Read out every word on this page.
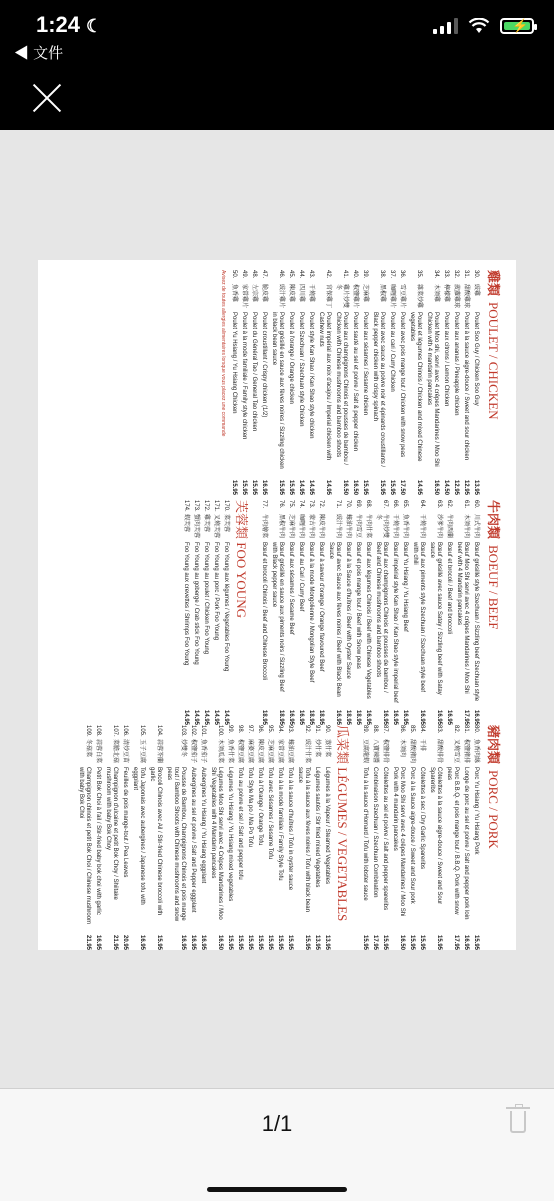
1:24 ☾
◀ 文件
⚡
雞類POULET / CHICKEN
30.
豉雞
Poulet Soo Guy / Chicken Soo Guy
13.95
31.
甜酸雞球
Poulet à la sauce aigre-douce / Sweet and sour chicken
12.95
32.
菠蘿雞球
Poulet aux ananas / Pineapple chicken
12.95
33.
檸檬雞
Poulet aux citrons / Lemon Chicken
14.50
34.
木須雞
Poulet Moo shi, servi avec 4 crêpes Mandarines / Moo Shi Chicken with 4 mandarin pancakes
16.50
35.
雜菜炒雞
Poulet et légumes Chinois / Chicken and mixed Chinese vegetables
14.95
36.
雪豆雞片
Poulet avec pois mange tout / Chicken with snow peas
17.50
37.
咖喱雞片
Poulet au cari / Curry Chicken
15.95
38.
黑椒雞
Poulet avec sauce au poivre noir et épinards croustillants / Black pepper chicken with crispy spinach
15.95
39.
芝麻雞
Poulet aux sésames / Sesame chicken
15.95
40.
椒鹽雞片
Poulet sauté au sel et poivre / Salt & pepper chicken
16.50
41.
雞片炒雙冬
Poulet aux champignons Chinois et pousses de bambou / Chicken with Chinese mushrooms and bamboo shoots
16.50
42.
宮保雞丁
Poulet impérial aux noix d'acajou / Imperial chicken with Cashew nuts
14.95
43.
干燒雞
Poulet style Kan Shao / Kan Shao style chicken
14.95
44.
四川雞
Poulet Szechuan / Szechuan style Chicken
14.95
45.
陳皮雞
Poulet à l'orange / Orange chicken
15.95
46.
豉汁雞片
Poulet grésillé en sauce aux fèves noires / Sizzling chicken in black bean sauce
15.95
47.
脆皮雞
Poulet croustillant / Crispy chicken (1/2)
16.95
48.
左宗雞
Poulet du Général Tao / General Tao chicken
15.95
49.
家常雞片
Poulet à la mode familiale / Family style chicken
15.95
50.
魚香雞
Poulet Yu Hsiang / Yu Hsiang Chicken
15.95
Avisez de toutes allergies alimentaires lorsque vous placez une commande
牛肉類BOEUF / BEEF
60.
川式牛肉
Bœuf grésillé style Szechuan / Sizzling beef Szechuan style
16.95
61.
木須牛肉
Bœuf Moo Shi servi avec 4 crêpes Mandarines / Moo Shi beef with 4 Mandarin pancakes
17.95
62.
牛肉西蘭
Bœuf et brocoli / Beef and broccoli
16.95
63.
沙爹牛肉
Bœuf grésillé avec sauce Satay / Sizzling beef with Satay sauce
16.95
64.
干燒牛肉
Bœuf aux piments style Szechuan / Szechuan style beef with chili
16.95
65.
魚香牛肉
Bœuf Yu Hsiang / Yu Hsiang Beef
16.95
66.
干燒牛肉
Bœuf impérial style Kan Shao / Kan Shao style imperial beef
16.95
67.
牛肉炒雙冬
Bœuf aux champignons Chinois et pousses de bambou / Beef and Chinese mushrooms and bamboo shoots
16.95
68.
牛肉什菜
Bœuf aux légumes Chinois / Beef with Chinese Vegetables
16.95
69.
牛肉雪豆
Bœuf et pois mange tout / Beef with Snow peas
18.95
70.
蠔油牛肉
Bœuf à la Sauce d'huîtres / Beef with Oyster Sauce
18.95
71.
豉汁牛肉
Bœuf avec Sauce aux fèves noires / Beef with Black Bean Sauce
16.95
72.
陳皮牛肉
Bœuf à saveur d'orange / Orange flavoured Beef
18.95
73.
蒙古牛肉
Bœuf à la mode Mongolienne / Mongolian Style Beef
18.95
74.
咖喱牛肉
Bœuf au Cari / Curry Beef
16.95
75.
芝麻牛肉
Bœuf aux sésames / Sesame Beef
16.95
76.
黑椒牛肉
Bœuf grésillé en sauce aux piments noirs / Sizzling Beef with Black pepper sauce
18.95
77.
牛肉燴菜
Bœuf et brocoli Chinois / Beef and Chinese Broccoli
18.95
芙蓉類 FOO YOUNG
170.
菜芙蓉
Foo Young aux légumes / Vegetables Foo Young
14.95
171.
叉燒芙蓉
Foo Young au porc / Pork Foo Young
14.95
172.
雞芙蓉
Foo Young au poulet / Chicken Foo Young
14.95
173.
蟹肉芙蓉
Foo Young au goberge / Crab stick Foo Young
14.95
174.
蝦芙蓉
Foo Young aux crevettes / Shrimps Foo Young
14.95
豬肉類PORC / PORK
80.
魚香肉絲
Porc Yu Hsiang / Yu Hsiang Pork
15.95
81.
椒鹽豬排
Longe de porc au sel et poivre / Salt and pepper pork loin
16.95
82.
叉燒雪豆
Porc B.B.Q. et pois mange tout / B.B.Q. Pork with snow peas
17.95
83.
甜酸排骨
Côtelettes à la sauce aigre-douce / Sweet and Sour Spareribs
15.95
84.
干排
Côtelettes à sec / Dry Garlic Spareribs
15.95
85.
甜酸豬肉
Porc à la Sauce aigre-douce / Sweet and Sour pork
15.95
86.
木須肉
Porc Moo Shi servi avec 4 crêpes Mandarines / Moo Shi Pork with 4 mandarin pancakes
16.50
87.
椒鹽排骨
Côtelettes au sel et poivre / Salt and pepper spareribs
15.95
88.
八寶辣醬
Combinaison Szechuan / Szechuan Combination
17.95
89.
豆腐龍蝦
Tofu à la sauce d'Homard / Tofu with lobster sauce
15.95
瓜菜類 LÉGUMES / VEGETABLES
90.
蒸什菜
Légumes à la Vapeur / Steamed Vegetables
13.95
91.
炒什菜
Légumes sautés / Stir fried mixed Vegetables
13.95
92.
豉汁什菜
Tofu à la sauce aux fèves noires / Tofu with black bean sauce
15.95
93.
蠔油豆腐
Tofu à la sauce d'huîtres / Tofu in oyster sauce
15.95
94.
家常豆腐
Tofu à la mode familiale / Family Style Tofu
15.95
95.
芝麻豆腐
Tofu avec Sésames / Sesame Tofu
15.95
96.
陳皮豆腐
Tofu à l'Orange / Orange Tofu
15.95
97.
麻婆豆腐
Tofu Style Ma po / Ma Po Tofu
15.95
98.
椒鹽豆腐
Tofu au poivre et sel / Salt and pepper tofu
15.95
99.
魚香什菜
Légumes Yu Hsiang / Yu Hsiang mixed vegetables
15.95
100.
木須瓜菜
Légumes Moo Shi servi avec 4 Crêpes Mandarines / Moo Shi Vegetables with 4 Mandarin pancakes
16.50
101.
魚香茄子
Aubergines Yu Hsiang / Yu Hsiang eggplant
16.95
102.
椒鹽茄子
Aubergines au sel et poivre / Salt and Pepper eggplant
16.95
103.
炒雙冬
Pousse de Bambou, Champignons Chinois et pois mange tout / Bamboo Shoots with Chinese mushrooms and snow peas
16.95
104.
蒜蓉芥蘭
Brocoli Chinois avec Ail / Stir-fried Chinese broccoli with garlic
15.95
105.
玉子豆腐
Tofu Japonais avec aubergines / Japanese tofu with eggplant
16.95
106.
清炒豆苗
Feuilles de pois mange-tout / Pea Leaves
20.95
107.
菜膽北菇
Champignon d'ulcaine et petit Bok Choy / Shiitake mushroom with baby Bok Choy
21.95
108.
蒜蓉白菜
Petit Bok Choi à l'ail / Stir-fried baby bok choi with garlic
16.95
109.
冬菇菜
Champignon chinois et petit Bok Choi / Chinese mushroom with baby Bok Choi
21.95
1/1
